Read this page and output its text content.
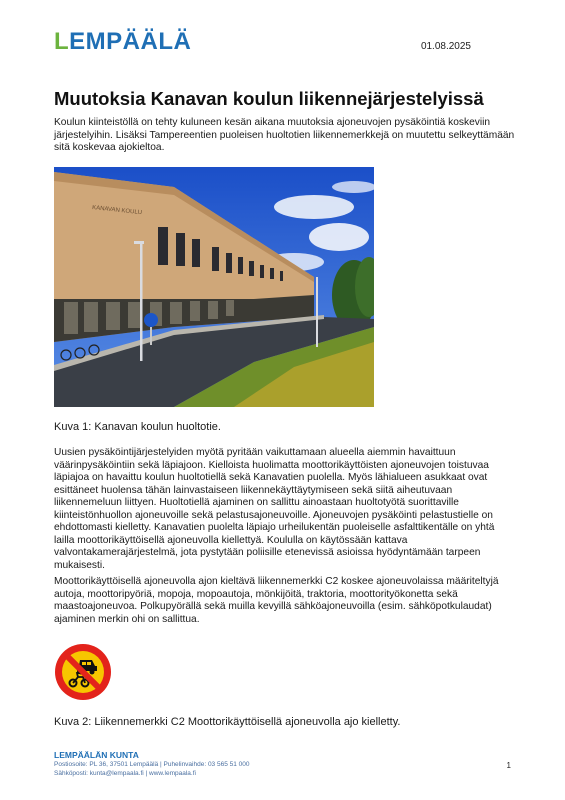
LEMPÄÄLÄ	01.08.2025
Muutoksia Kanavan koulun liikennejärjestelyissä

Koulun kiinteistöllä on tehty kuluneen kesän aikana muutoksia ajoneuvojen pysäköintiä koskeviin järjestelyihin. Lisäksi Tampereentien puoleisen huoltotien liikennemerkkejä on muutettu selkeyttämään sitä koskevaa ajokieltoa.

KANAVAN KOULU
Kuva 1: Kanavan koulun huoltotie.

Uusien pysäköintijärjestelyiden myötä pyritään vaikuttamaan alueella aiemmin havaittuun väärinpysäköintiin sekä läpiajoon. Kielloista huolimatta moottorikäyttöisten ajoneuvojen toistuvaa läpiajoa on havaittu koulun huoltotiellä sekä Kanavatien puolella. Myös lähialueen asukkaat ovat esittäneet huolensa tähän lainvastaiseen liikennekäyttäytymiseen sekä siitä aiheutuvaan liikennemeluun liittyen. Huoltotiellä ajaminen on sallittu ainoastaan huoltotyötä suorittaville kiinteistönhuollon ajoneuvoille sekä pelastusajoneuvoille. Ajoneuvojen pysäköinti pelastustielle on ehdottomasti kielletty. Kanavatien puolelta läpiajo urheilukentän puoleiselle asfalttikentälle on yhtä lailla moottorikäyttöisellä ajoneuvolla kiellettyä. Koululla on käytössään kattava valvontakamerajärjestelmä, jota pystytään poliisille etenevissä asioissa hyödyntämään tarpeen mukaisesti.

Moottorikäyttöisellä ajoneuvolla ajon kieltävä liikennemerkki C2 koskee ajoneuvolaissa määriteltyjä autoja, moottoripyöriä, mopoja, mopoautoja, mönkijöitä, traktoria, moottorityökonetta sekä maastoajoneuvoa. Polkupyörällä sekä muilla kevyillä sähköajoneuvoilla (esim. sähköpotkulaudat) ajaminen merkin ohi on sallittua.

Kuva 2: Liikennemerkki C2 Moottorikäyttöisellä ajoneuvolla ajo kielletty.
LEMPÄÄLÄN KUNTA
Postiosoite: PL 36, 37501 Lempäälä | Puhelinvaihde: 03 565 51 000
Sähköposti: kunta@lempaala.fi | www.lempaala.fi
1
